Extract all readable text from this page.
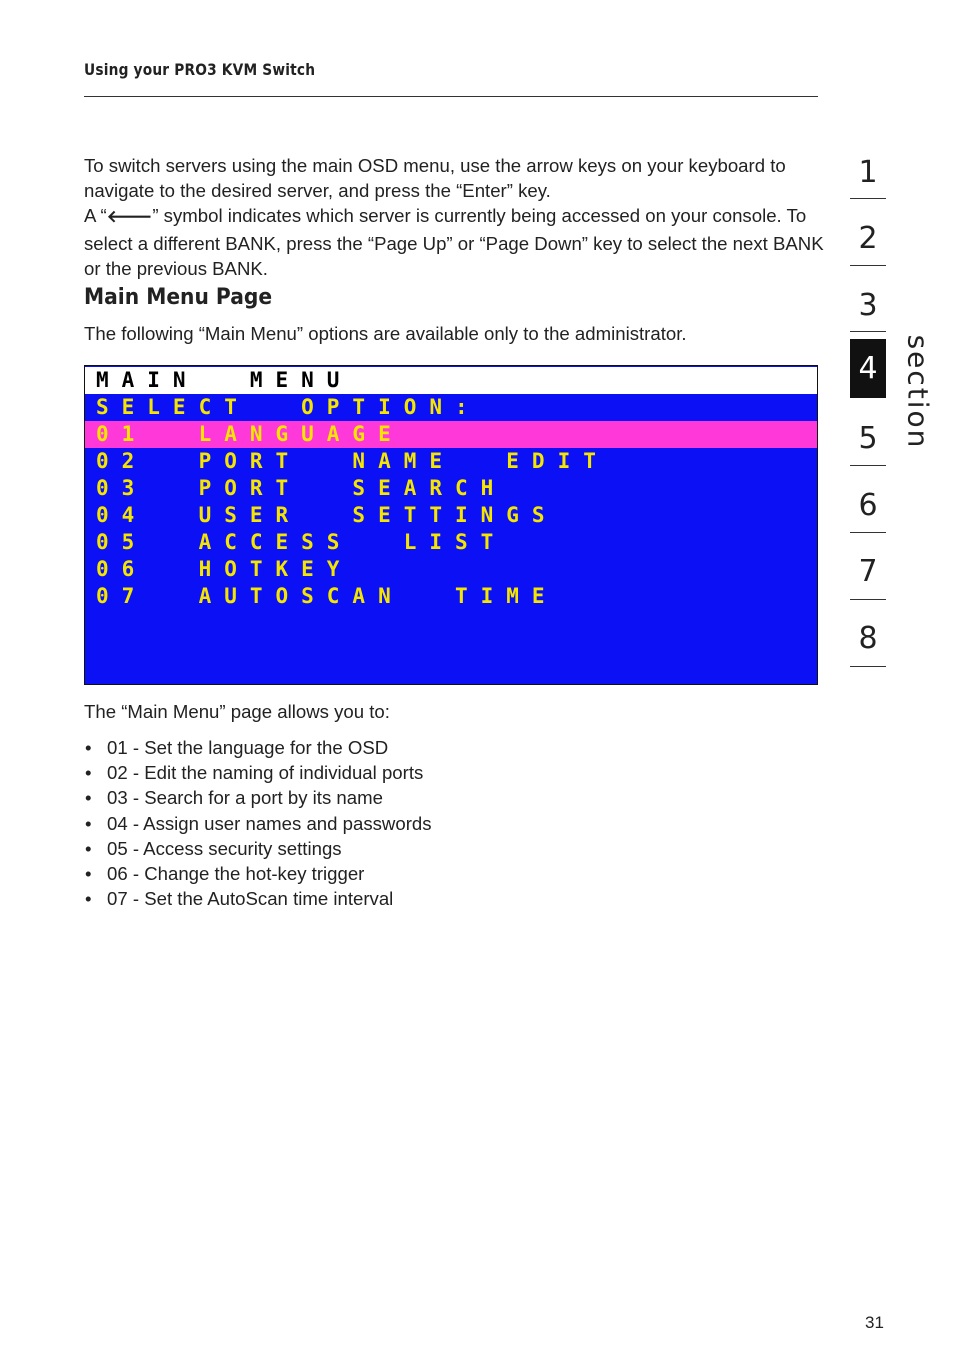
Using your PRO3 KVM Switch

To switch servers using the main OSD menu, use the arrow keys on your keyboard to navigate to the desired server, and press the “Enter” key.

A “🡐” symbol indicates which server is currently being accessed on your console. To select a different BANK, press the “Page Up” or “Page Down” key to select the next BANK or the previous BANK.

Main Menu Page
The following “Main Menu” options are available only to the administrator.
MAIN  MENU
SELECT  OPTION:
01  LANGUAGE
02  PORT  NAME  EDIT
03  PORT  SEARCH
04  USER  SETTINGS
05  ACCESS  LIST
06  HOTKEY
07  AUTOSCAN  TIME
The “Main Menu” page allows you to:
• 01 - Set the language for the OSD
• 02 - Edit the naming of individual ports
• 03 - Search for a port by its name
• 04 - Assign user names and passwords
• 05 - Access security settings
• 06 - Change the hot-key trigger
• 07 - Set the AutoScan time interval
1
2
3
4
5
6
7
8
section
31
